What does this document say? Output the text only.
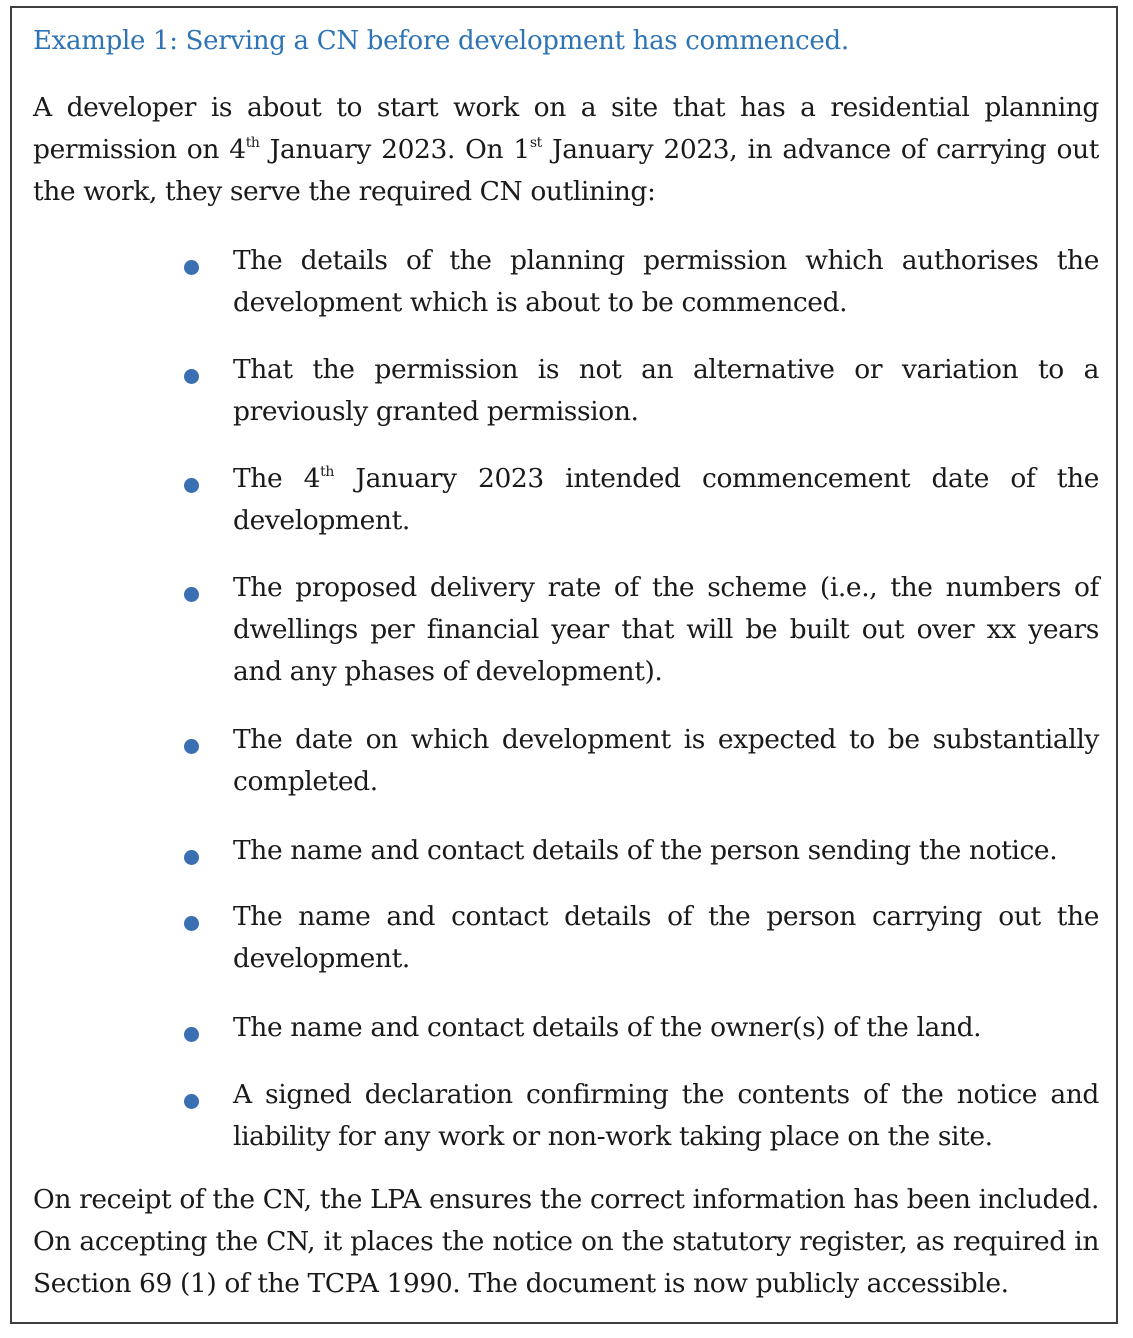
Example 1: Serving a CN before development has commenced.
A developer is about to start work on a site that has a residential planning permission on 4th January 2023. On 1st January 2023, in advance of carrying out the work, they serve the required CN outlining:
The details of the planning permission which authorises the development which is about to be commenced.
That the permission is not an alternative or variation to a previously granted permission.
The 4th January 2023 intended commencement date of the development.
The proposed delivery rate of the scheme (i.e., the numbers of dwellings per financial year that will be built out over xx years and any phases of development).
The date on which development is expected to be substantially completed.
The name and contact details of the person sending the notice.
The name and contact details of the person carrying out the development.
The name and contact details of the owner(s) of the land.
A signed declaration confirming the contents of the notice and liability for any work or non-work taking place on the site.
On receipt of the CN, the LPA ensures the correct information has been included. On accepting the CN, it places the notice on the statutory register, as required in Section 69 (1) of the TCPA 1990. The document is now publicly accessible.
